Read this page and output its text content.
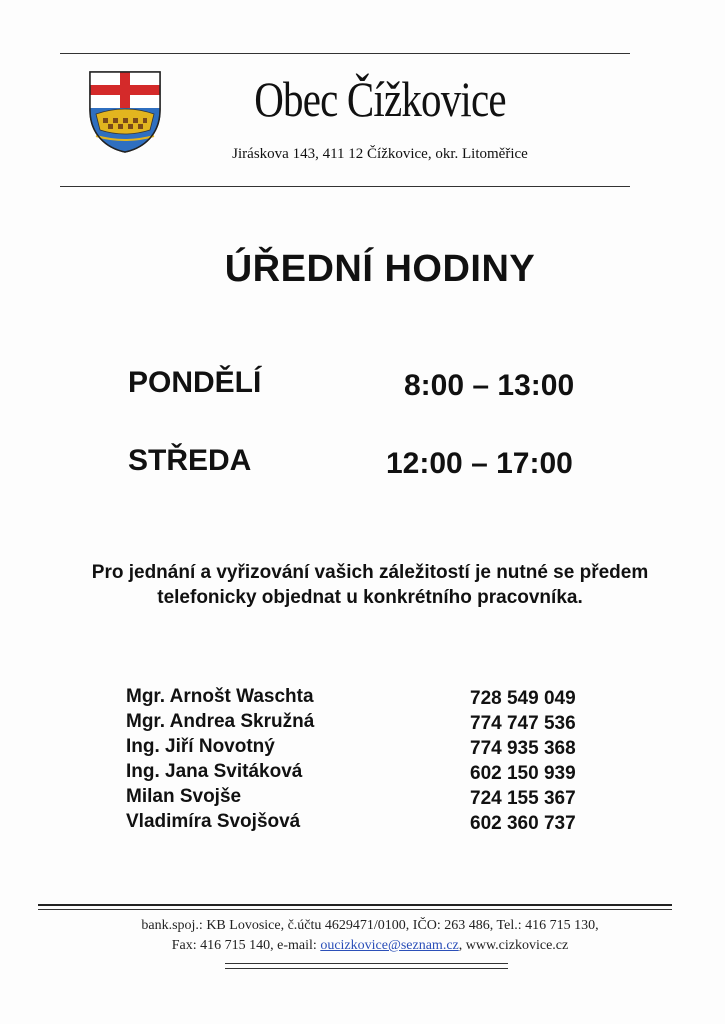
Obec Čížkovice
Jiráskova 143, 411 12 Čížkovice, okr. Litoměřice
ÚŘEDNÍ HODINY
PONDĚLÍ	8:00 – 13:00
STŘEDA	12:00 – 17:00
Pro jednání a vyřizování vašich záležitostí je nutné se předem telefonicky objednat u konkrétního pracovníka.
Mgr. Arnošt Waschta	728 549 049
Mgr. Andrea Skružná	774 747 536
Ing. Jiří Novotný	774 935 368
Ing. Jana Svitáková	602 150 939
Milan Svojše	724 155 367
Vladimíra Svojšová	602 360 737
bank.spoj.: KB Lovosice, č.účtu 4629471/0100, IČO: 263 486, Tel.: 416 715 130,
Fax: 416 715 140, e-mail: oucizkovice@seznam.cz, www.cizkovice.cz
